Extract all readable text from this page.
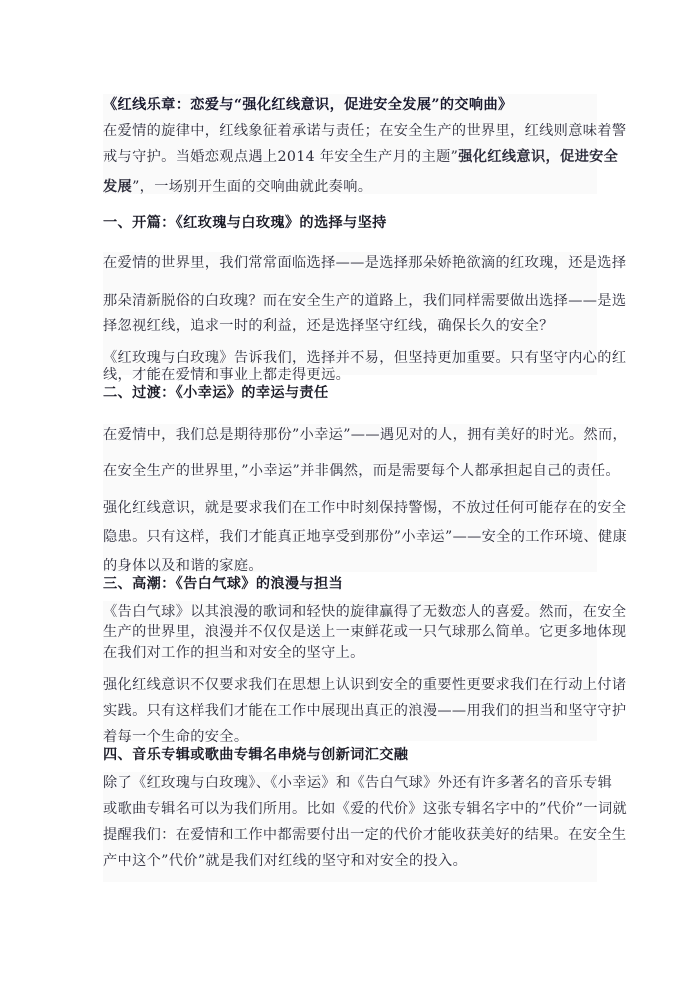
《红线乐章：恋爱与“强化红线意识，促进安全发展”的交响曲》
在爱情的旋律中，红线象征着承诺与责任；在安全生产的世界里，红线则意味着警
戒与守护。当婚恋观点遇上2014 年安全生产月的主题”强化红线意识，促进安全
发展”，一场别开生面的交响曲就此奏响。
一、开篇：《红玫瑰与白玫瑰》的选择与坚持
在爱情的世界里，我们常常面临选择——是选择那朵娇艳欲滴的红玫瑰，还是选择
那朵清新脱俗的白玫瑰？而在安全生产的道路上，我们同样需要做出选择——是选
择忽视红线，追求一时的利益，还是选择坚守红线，确保长久的安全？
《红玫瑰与白玫瑰》告诉我们，选择并不易，但坚持更加重要。只有坚守内心的红
线，才能在爱情和事业上都走得更远。
二、过渡：《小幸运》的幸运与责任
在爱情中，我们总是期待那份”小幸运”——遇见对的人，拥有美好的时光。然而，
在安全生产的世界里，”小幸运”并非偶然，而是需要每个人都承担起自己的责任。
强化红线意识，就是要求我们在工作中时刻保持警惕，不放过任何可能存在的安全
隐患。只有这样，我们才能真正地享受到那份”小幸运”——安全的工作环境、健康
的身体以及和谐的家庭。
三、高潮：《告白气球》的浪漫与担当
《告白气球》以其浪漫的歌词和轻快的旋律赢得了无数恋人的喜爱。然而，在安全
生产的世界里，浪漫并不仅仅是送上一束鲜花或一只气球那么简单。它更多地体现
在我们对工作的担当和对安全的坚守上。
强化红线意识不仅要求我们在思想上认识到安全的重要性更要求我们在行动上付诸
实践。只有这样我们才能在工作中展现出真正的浪漫——用我们的担当和坚守守护
着每一个生命的安全。
四、音乐专辑或歌曲专辑名串烧与创新词汇交融
除了《红玫瑰与白玫瑰》、《小幸运》和《告白气球》外还有许多著名的音乐专辑
或歌曲专辑名可以为我们所用。比如《爱的代价》这张专辑名字中的”代价”一词就
提醒我们：在爱情和工作中都需要付出一定的代价才能收获美好的结果。在安全生
产中这个”代价”就是我们对红线的坚守和对安全的投入。
